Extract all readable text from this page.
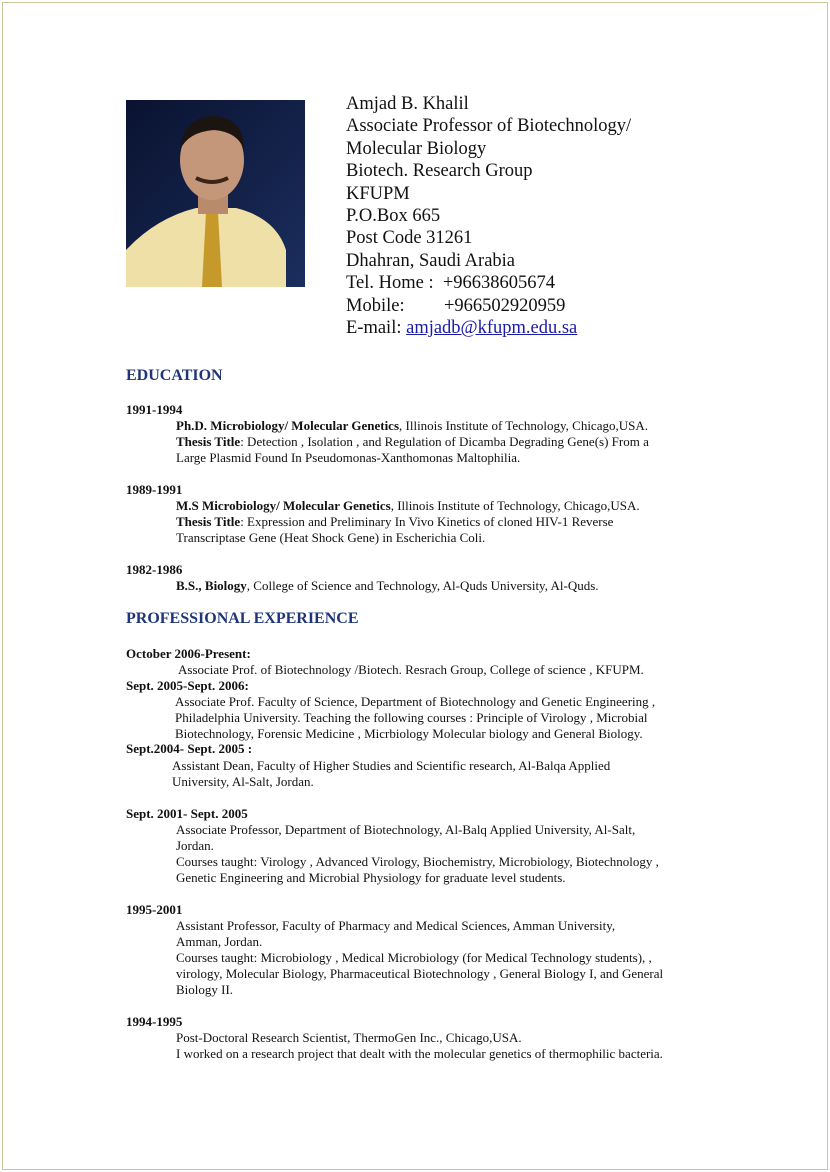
Amjad B. Khalil
Associate Professor of Biotechnology/
Molecular Biology
Biotech. Research Group
KFUPM
P.O.Box 665
Post Code 31261
Dhahran, Saudi Arabia
Tel. Home : +96638605674
Mobile: +966502920959
E-mail: amjadb@kfupm.edu.sa
EDUCATION
1991-1994
Ph.D. Microbiology/ Molecular Genetics, Illinois Institute of Technology, Chicago,USA.
Thesis Title: Detection , Isolation , and Regulation of Dicamba Degrading Gene(s) From a
Large Plasmid Found In Pseudomonas-Xanthomonas Maltophilia.
1989-1991
M.S Microbiology/ Molecular Genetics, Illinois Institute of Technology, Chicago,USA.
Thesis Title: Expression and Preliminary In Vivo Kinetics of cloned HIV-1 Reverse
Transcriptase Gene (Heat Shock Gene) in Escherichia Coli.
1982-1986
B.S., Biology, College of Science and Technology, Al-Quds University, Al-Quds.
PROFESSIONAL EXPERIENCE
October 2006-Present:
Associate Prof. of Biotechnology /Biotech. Resrach Group, College of science , KFUPM.
Sept. 2005-Sept. 2006:
Associate Prof. Faculty of Science, Department of Biotechnology and Genetic Engineering ,
Philadelphia University. Teaching the following courses : Principle of Virology , Microbial
Biotechnology, Forensic Medicine , Micrbiology Molecular biology and General Biology.
Sept.2004- Sept. 2005 :
Assistant Dean, Faculty of Higher Studies and Scientific research, Al-Balqa Applied
University, Al-Salt, Jordan.
Sept. 2001- Sept. 2005
Associate Professor, Department of Biotechnology, Al-Balq Applied University, Al-Salt,
Jordan.
Courses taught: Virology , Advanced Virology, Biochemistry, Microbiology, Biotechnology ,
Genetic Engineering and Microbial Physiology for graduate level students.
1995-2001
Assistant Professor, Faculty of Pharmacy and Medical Sciences, Amman University,
Amman, Jordan.
Courses taught: Microbiology , Medical Microbiology (for Medical Technology students), ,
virology, Molecular Biology, Pharmaceutical Biotechnology , General Biology I, and General
Biology II.
1994-1995
Post-Doctoral Research Scientist, ThermoGen Inc., Chicago,USA.
I worked on a research project that dealt with the molecular genetics of thermophilic bacteria.
